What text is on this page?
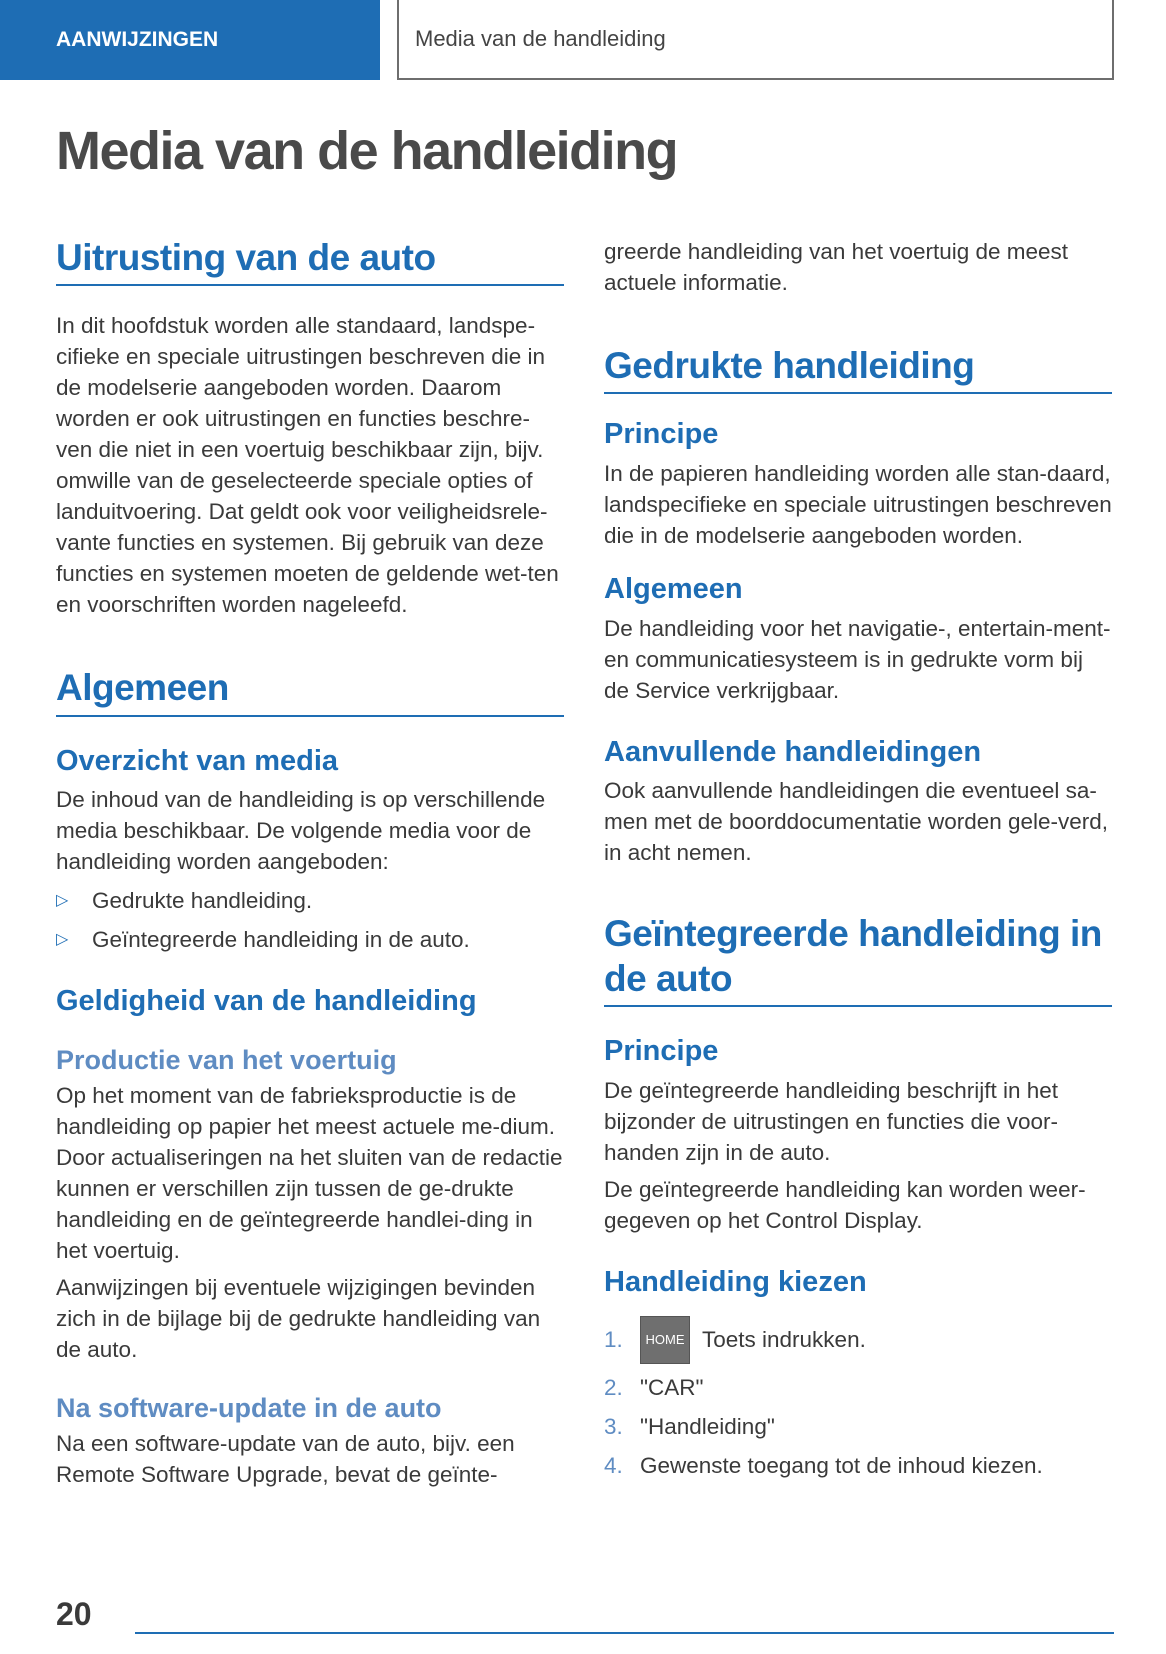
AANWIJZINGEN	Media van de handleiding
Media van de handleiding
Uitrusting van de auto

In dit hoofdstuk worden alle standaard, landspe-cifieke en speciale uitrustingen beschreven die in de modelserie aangeboden worden. Daarom worden er ook uitrustingen en functies beschre-ven die niet in een voertuig beschikbaar zijn, bijv. omwille van de geselecteerde speciale opties of landuitvoering. Dat geldt ook voor veiligheidsrele-vante functies en systemen. Bij gebruik van deze functies en systemen moeten de geldende wet-ten en voorschriften worden nageleefd.

Algemeen
Overzicht van media

De inhoud van de handleiding is op verschillende media beschikbaar. De volgende media voor de handleiding worden aangeboden:

▷	Gedrukte handleiding.
▷	Geïntegreerde handleiding in de auto.
Geldigheid van de handleiding
Productie van het voertuig

Op het moment van de fabrieksproductie is de handleiding op papier het meest actuele me-dium. Door actualiseringen na het sluiten van de redactie kunnen er verschillen zijn tussen de ge-drukte handleiding en de geïntegreerde handlei-ding in het voertuig.

Aanwijzingen bij eventuele wijzigingen bevinden zich in de bijlage bij de gedrukte handleiding van de auto.

Na software-update in de auto

Na een software-update van de auto, bijv. een Remote Software Upgrade, bevat de geïnte-

greerde handleiding van het voertuig de meest actuele informatie.

Gedrukte handleiding
Principe

In de papieren handleiding worden alle stan-daard, landspecifieke en speciale uitrustingen beschreven die in de modelserie aangeboden worden.

Algemeen

De handleiding voor het navigatie-, entertain-ment- en communicatiesysteem is in gedrukte vorm bij de Service verkrijgbaar.

Aanvullende handleidingen

Ook aanvullende handleidingen die eventueel sa-men met de boorddocumentatie worden gele-verd, in acht nemen.

Geïntegreerde handleiding in de auto
Principe

De geïntegreerde handleiding beschrijft in het bijzonder de uitrustingen en functies die voor-handen zijn in de auto.

De geïntegreerde handleiding kan worden weer-gegeven op het Control Display.

Handleiding kiezen
1.	HOME Toets indrukken.
2. "CAR"
3. "Handleiding"
4. Gewenste toegang tot de inhoud kiezen.
20
